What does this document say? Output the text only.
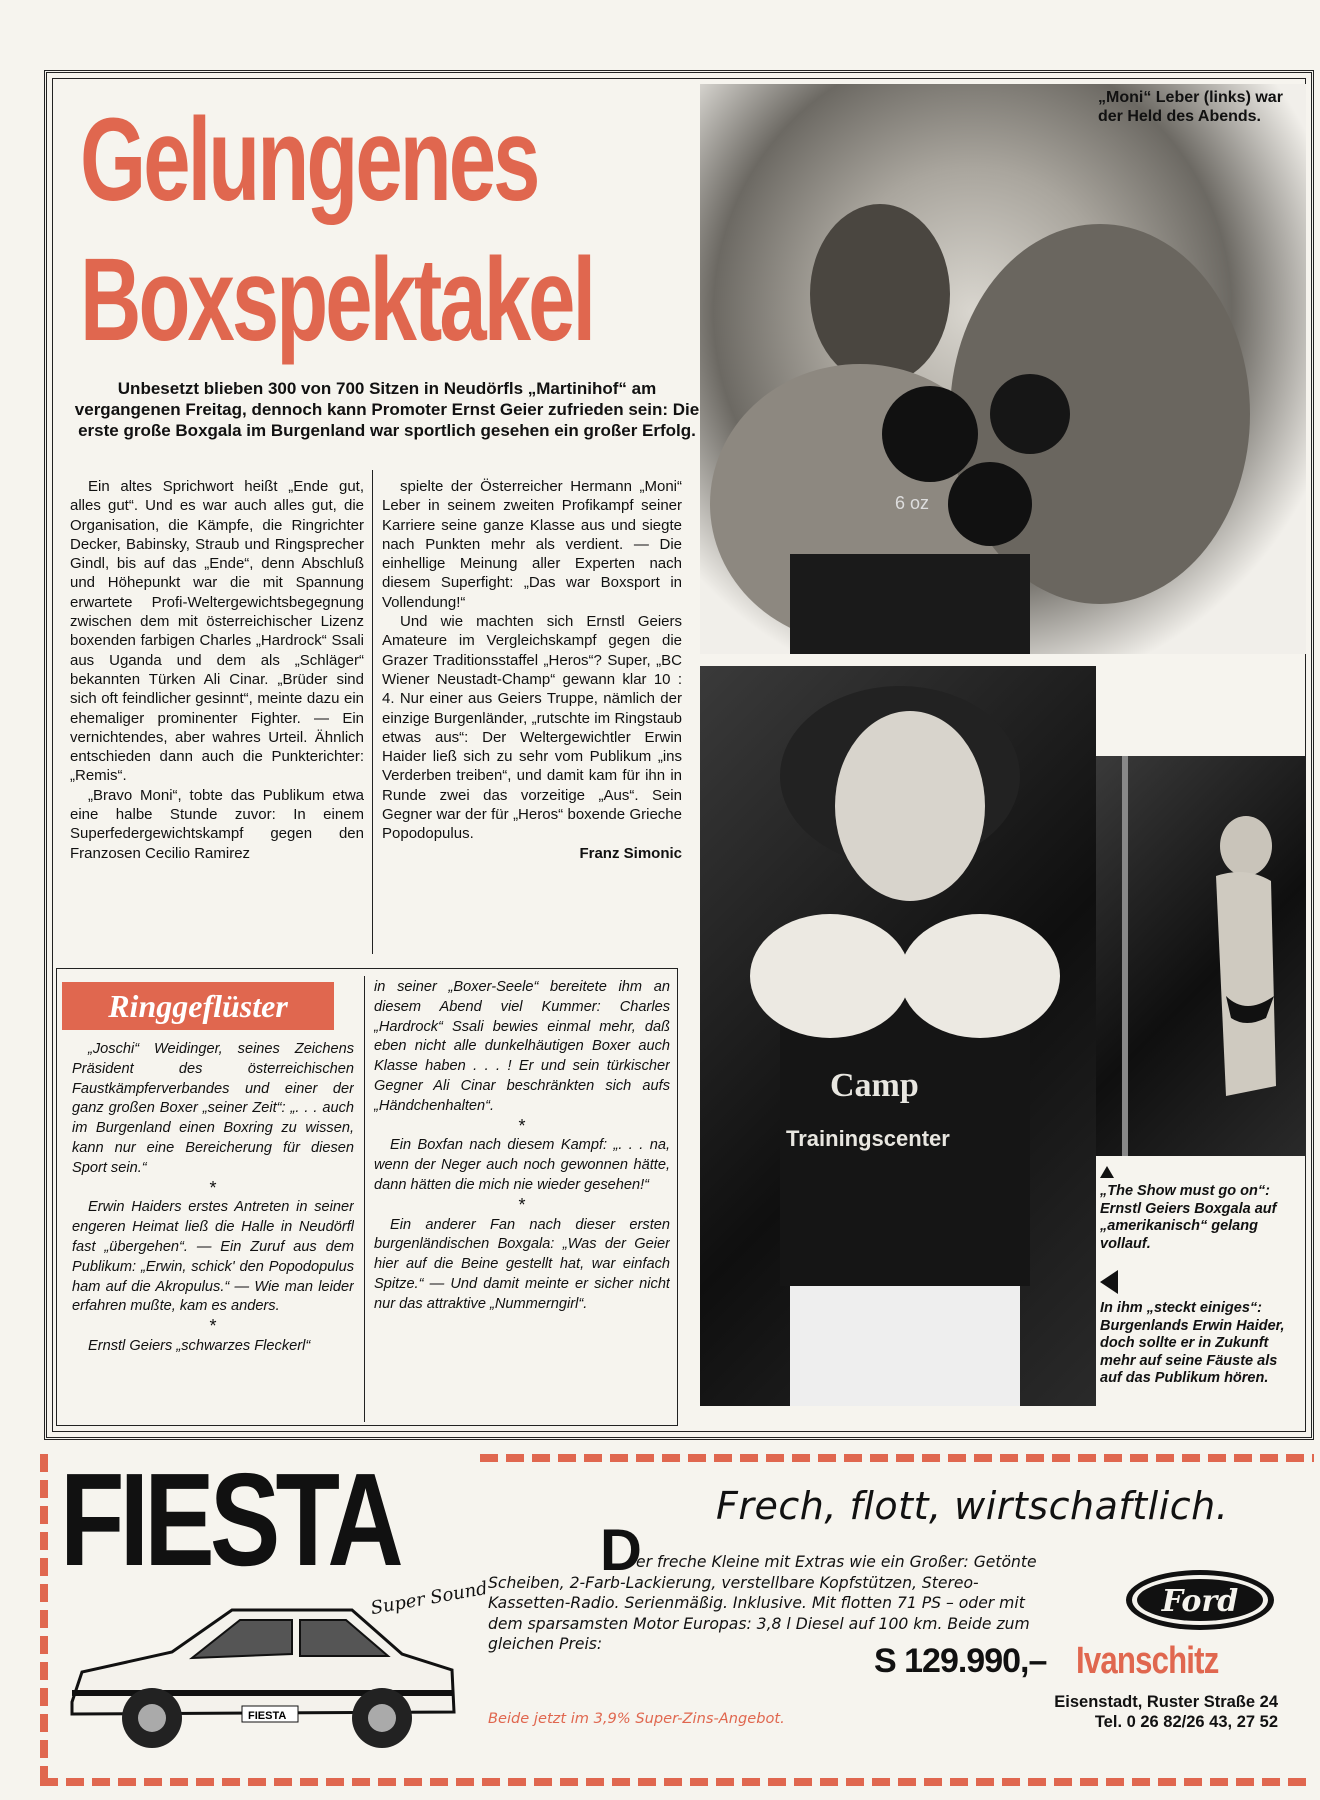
6 oz
Camp
Trainingscenter
Gelungenes
Boxspektakel
„Moni“ Leber (links) war der Held des Abends.
Unbesetzt blieben 300 von 700 Sitzen in Neudörfls „Martinihof“ am vergangenen Freitag, dennoch kann Promoter Ernst Geier zufrieden sein: Die erste große Boxgala im Burgenland war sportlich gesehen ein großer Erfolg.

Ein altes Sprichwort heißt „Ende gut, alles gut“. Und es war auch alles gut, die Organisation, die Kämpfe, die Ringrichter Decker, Babinsky, Straub und Ringsprecher Gindl, bis auf das „Ende“, denn Abschluß und Höhepunkt war die mit Spannung erwartete Profi-Weltergewichtsbegegnung zwischen dem mit österreichischer Lizenz boxenden farbigen Charles „Hardrock“ Ssali aus Uganda und dem als „Schläger“ bekannten Türken Ali Cinar. „Brüder sind sich oft feindlicher gesinnt“, meinte dazu ein ehemaliger prominenter Fighter. — Ein vernichtendes, aber wahres Urteil. Ähnlich entschieden dann auch die Punkterichter: „Remis“.

„Bravo Moni“, tobte das Publikum etwa eine halbe Stunde zuvor: In einem Superfedergewichtskampf gegen den Franzosen Cecilio Ramirez

spielte der Österreicher Hermann „Moni“ Leber in seinem zweiten Profikampf seiner Karriere seine ganze Klasse aus und siegte nach Punkten mehr als verdient. — Die einhellige Meinung aller Experten nach diesem Superfight: „Das war Boxsport in Vollendung!“

Und wie machten sich Ernstl Geiers Amateure im Vergleichskampf gegen die Grazer Traditionsstaffel „Heros“? Super, „BC Wiener Neustadt-Champ“ gewann klar 10 : 4. Nur einer aus Geiers Truppe, nämlich der einzige Burgenländer, „rutschte im Ringstaub etwas aus“: Der Weltergewichtler Erwin Haider ließ sich zu sehr vom Publikum „ins Verderben treiben“, und damit kam für ihn in Runde zwei das vorzeitige „Aus“. Sein Gegner war der für „Heros“ boxende Grieche Popodopulus.

Franz Simonic
„The Show must go on“: Ernstl Geiers Boxgala auf „amerikanisch“ gelang vollauf.
In ihm „steckt einiges“: Burgenlands Erwin Haider, doch sollte er in Zukunft mehr auf seine Fäuste als auf das Publikum hören.
Ringgeflüster

„Joschi“ Weidinger, seines Zeichens Präsident des österreichischen Faustkämpferverbandes und einer der ganz großen Boxer „seiner Zeit“: „. . . auch im Burgenland einen Boxring zu wissen, kann nur eine Bereicherung für diesen Sport sein.“

*

Erwin Haiders erstes Antreten in seiner engeren Heimat ließ die Halle in Neudörfl fast „übergehen“. — Ein Zuruf aus dem Publikum: „Erwin, schick' den Popodopulus ham auf die Akropulus.“ — Wie man leider erfahren mußte, kam es anders.

*

Ernstl Geiers „schwarzes Fleckerl“

in seiner „Boxer-Seele“ bereitete ihm an diesem Abend viel Kummer: Charles „Hardrock“ Ssali bewies einmal mehr, daß eben nicht alle dunkelhäutigen Boxer auch Klasse haben . . . ! Er und sein türkischer Gegner Ali Cinar beschränkten sich aufs „Händchenhalten“.

*

Ein Boxfan nach diesem Kampf: „. . . na, wenn der Neger auch noch gewonnen hätte, dann hätten die mich nie wieder gesehen!“

*

Ein anderer Fan nach dieser ersten burgenländischen Boxgala: „Was der Geier hier auf die Beine gestellt hat, war einfach Spitze.“ — Und damit meinte er sicher nicht nur das attraktive „Nummerngirl“.

FIESTA
Super Sound
FIESTA
Frech, flott, wirtschaftlich.
D
er freche Kleine mit Extras wie ein Großer: Getönte Scheiben, 2-Farb-Lackierung, verstellbare Kopfstützen, Stereo-Kassetten-Radio. Serienmäßig. Inklusive. Mit flotten 71 PS – oder mit dem sparsamsten Motor Europas: 3,8 l Diesel auf 100 km. Beide zum gleichen Preis:	S 129.990,–
Beide jetzt im 3,9% Super-Zins-Angebot.
Ford
Ivanschitz
Eisenstadt, Ruster Straße 24
Tel. 0 26 82/26 43, 27 52
